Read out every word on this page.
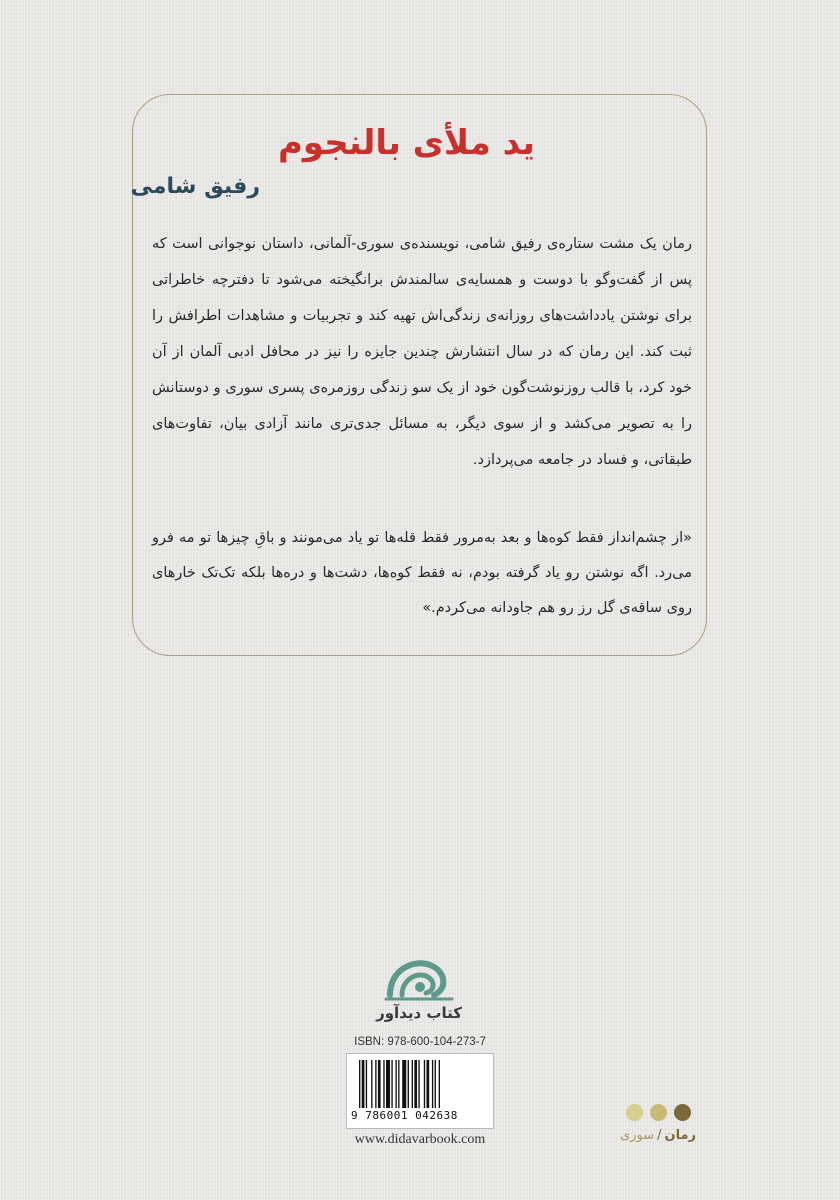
ید ملأی بالنجوم
رفیق شامی
رمان یک مشت ستاره‌ی رفیق شامی، نویسنده‌ی سوری-آلمانی، داستان نوجوانی است که پس از گفت‌وگو با دوست و همسایه‌ی سالمندش برانگیخته می‌شود تا دفترچه خاطراتی برای نوشتن یادداشت‌های روزانه‌ی زندگی‌اش تهیه کند و تجربیات و مشاهدات اطرافش را ثبت کند. این رمان که در سال انتشارش چندین جایزه را نیز در محافل ادبی آلمان از آن خود کرد، با قالب روزنوشت‌گون خود از یک سو زندگی روزمره‌ی پسری سوری و دوستانش را به تصویر می‌کشد و از سوی دیگر، به مسائل جدی‌تری مانند آزادی بیان، تفاوت‌های طبقاتی، و فساد در جامعه می‌پردازد.
«از چشم‌انداز فقط کوه‌ها و بعد به‌مرور فقط قله‌ها تو یاد می‌مونند و باقِ چیزها تو مه فرو می‌رد. اگه نوشتن رو یاد گرفته بودم، نه فقط کوه‌ها، دشت‌ها و دره‌ها بلکه تک‌تک خارهای روی ساقه‌ی گل رز رو هم جاودانه می‌کردم.»
کتاب دیدآور
ISBN: 978-600-104-273-7
9 786001 042638
www.didavarbook.com	رمان/سوری
